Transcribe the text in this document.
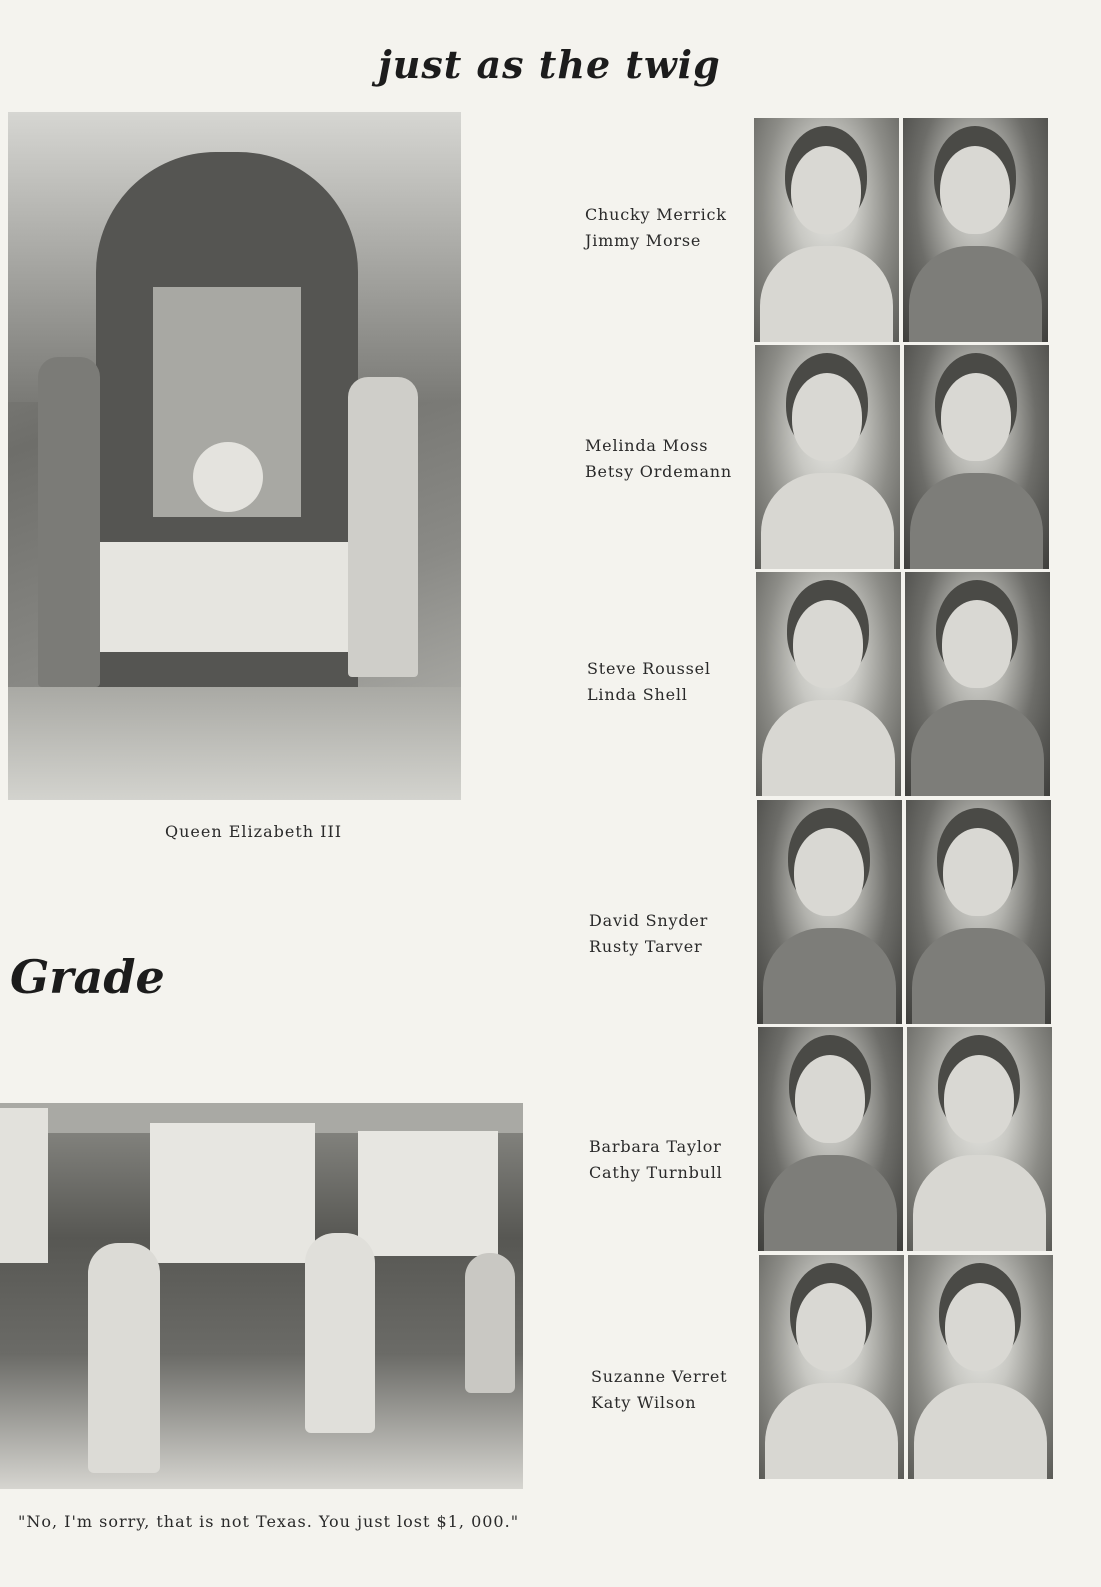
just as the twig
Queen Elizabeth III
Grade
"No, I'm sorry, that is not Texas. You just lost $1, 000."
Chucky Merrick
Jimmy Morse
Melinda Moss
Betsy Ordemann
Steve Roussel
Linda Shell
David Snyder
Rusty Tarver
Barbara Taylor
Cathy Turnbull
Suzanne Verret
Katy Wilson
